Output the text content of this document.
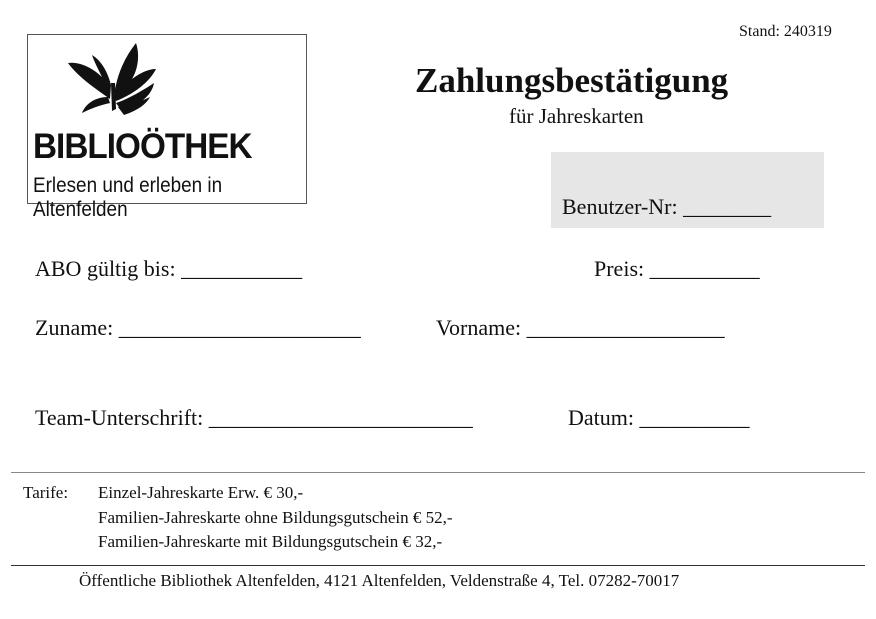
BIBLIOÖTHEK
Erlesen und erleben in Altenfelden
Stand: 240319
Zahlungsbestätigung
für Jahreskarten
Benutzer-Nr: ________
ABO gültig bis: ___________	Preis: __________
Zuname: ______________________	Vorname: __________________
Team-Unterschrift: ________________________	Datum: __________
Tarife: Einzel-Jahreskarte Erw. € 30,-
Familien-Jahreskarte ohne Bildungsgutschein € 52,-
Familien-Jahreskarte mit Bildungsgutschein € 32,-
Öffentliche Bibliothek Altenfelden, 4121 Altenfelden, Veldenstraße 4, Tel. 07282-70017
